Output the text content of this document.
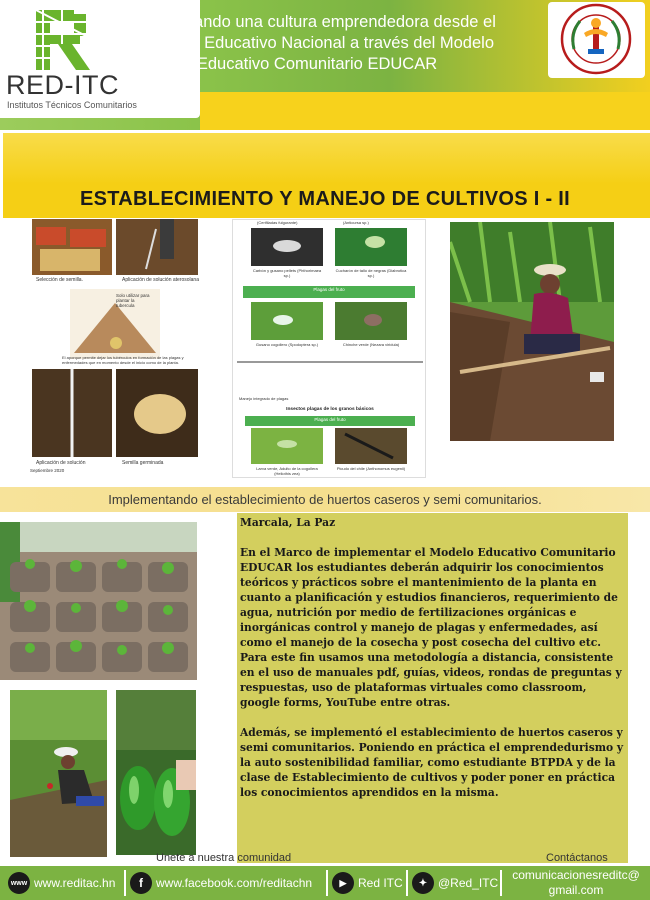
RED-ITC
Institutos Técnicos Comunitarios
Fomentando una cultura emprendedora desde el Sistema Educativo Nacional a través del Modelo Educativo Comunitario EDUCAR
ESTABLECIMIENTO Y MANEJO DE CULTIVOS I - II
Selección de semilla.	Aplicación de solución aterosolana
Solo utilizar para plantar la tubercula
El aporque permite dejar los tubérculos en formación de las plagas y enfermedades que en momento desde el inicio como de la planta.
Aplicación de solución	Semilla germinada
Septiembre 2020
(Cerifiladas fulgurante)	(Anticursa sp.)
Carbón y gusano pellets (Phthorimaea sp.)
Cucharón de tallo de negras (Diabrotica sp.)
Plagas del fruto
Gusano cogollero (Spodoptera sp.)	Chinche verde (Nezara viridula)
Manejo integrado de plagas
Insectos plagas de los granos básicos
Plagas del fruto
Larva verde, Adulto de la cogollera (Heliothis zea)
Picudo del chile (Anthonomus eugenii)
Implementando el establecimiento de huertos caseros y semi comunitarios.

Marcala, La Paz

En el Marco de implementar el Modelo Educativo Comunitario EDUCAR los estudiantes deberán adquirir los conocimientos teóricos y prácticos sobre el mantenimiento de la planta en cuanto a planificación y estudios financieros, requerimiento de agua, nutrición por medio de fertilizaciones orgánicas e inorgánicas control y manejo de plagas y enfermedades, así como el manejo de la cosecha y post cosecha del cultivo etc. Para este fin usamos una metodología a distancia, consistente en el uso de manuales pdf, guías, videos, rondas de preguntas y respuestas, uso de plataformas virtuales como classroom, google forms, YouTube entre otras.

Además, se implementó el establecimiento de huertos caseros y semi comunitarios. Poniendo en práctica el emprendedurismo y la auto sostenibilidad familiar, como estudiante BTPDA y de la clase de Establecimiento de cultivos y poder poner en práctica los conocimientos aprendidos en la misma.

Unete a nuestra comunidad	Contáctanos
www www.reditac.hn	f	www.facebook.com/reditachn	▶ Red ITC	✦ @Red_ITC
comunicacionesreditc@
gmail.com
